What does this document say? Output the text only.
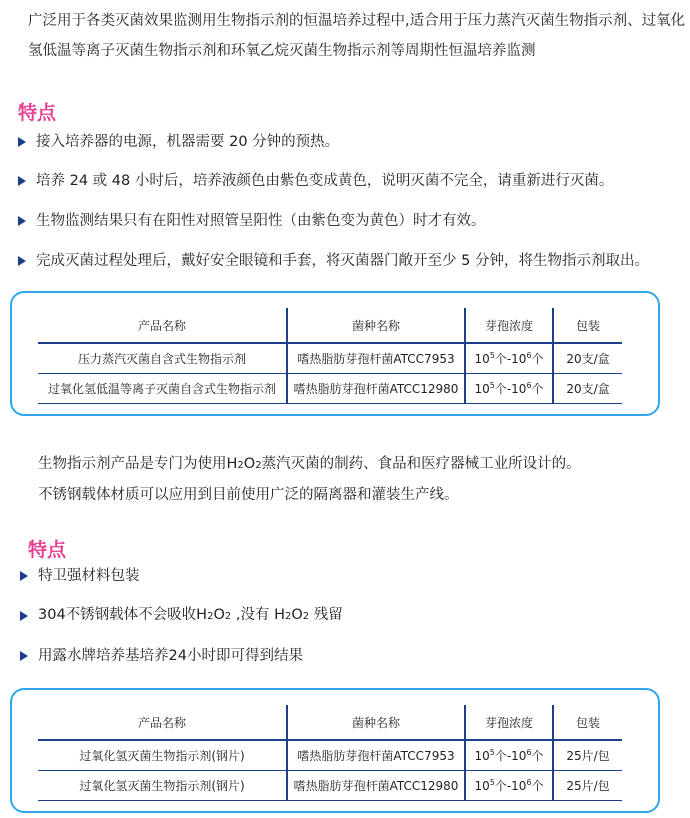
广泛用于各类灭菌效果监测用生物指示剂的恒温培养过程中,适合用于压力蒸汽灭菌生物指示剂、过氧化氢低温等离子灭菌生物指示剂和环氧乙烷灭菌生物指示剂等周期性恒温培养监测

特点
接入培养器的电源，机器需要 20 分钟的预热。
培养 24 或 48 小时后，培养液颜色由紫色变成黄色，说明灭菌不完全，请重新进行灭菌。
生物监测结果只有在阳性对照管呈阳性（由紫色变为黄色）时才有效。
完成灭菌过程处理后，戴好安全眼镜和手套，将灭菌器门敞开至少 5 分钟，将生物指示剂取出。
产品名称	菌种名称	芽孢浓度	包装
压力蒸汽灭菌自含式生物指示剂	嗜热脂肪芽孢杆菌ATCC7953	$10^5$个$-10^6$个	20支/盒
过氧化氢低温等离子灭菌自含式生物指示剂	嗜热脂肪芽孢杆菌ATCC12980	$10^5$个$-10^6$个	20支/盒

生物指示剂产品是专门为使用H2O2蒸汽灭菌的制药、食品和医疗器械工业所设计的。

不锈钢载体材质可以应用到目前使用广泛的隔离器和灌装生产线。

特点
特卫强材料包装
304不锈钢载体不会吸收H2O2 ,没有 H2O2 残留
用露水牌培养基培养24小时即可得到结果
产品名称	菌种名称	芽孢浓度	包装
过氧化氢灭菌生物指示剂(钢片)	嗜热脂肪芽孢杆菌ATCC7953	$10^5$个$-10^6$个	25片/包
过氧化氢灭菌生物指示剂(钢片)	嗜热脂肪芽孢杆菌ATCC12980	$10^5$个$-10^6$个	25片/包
